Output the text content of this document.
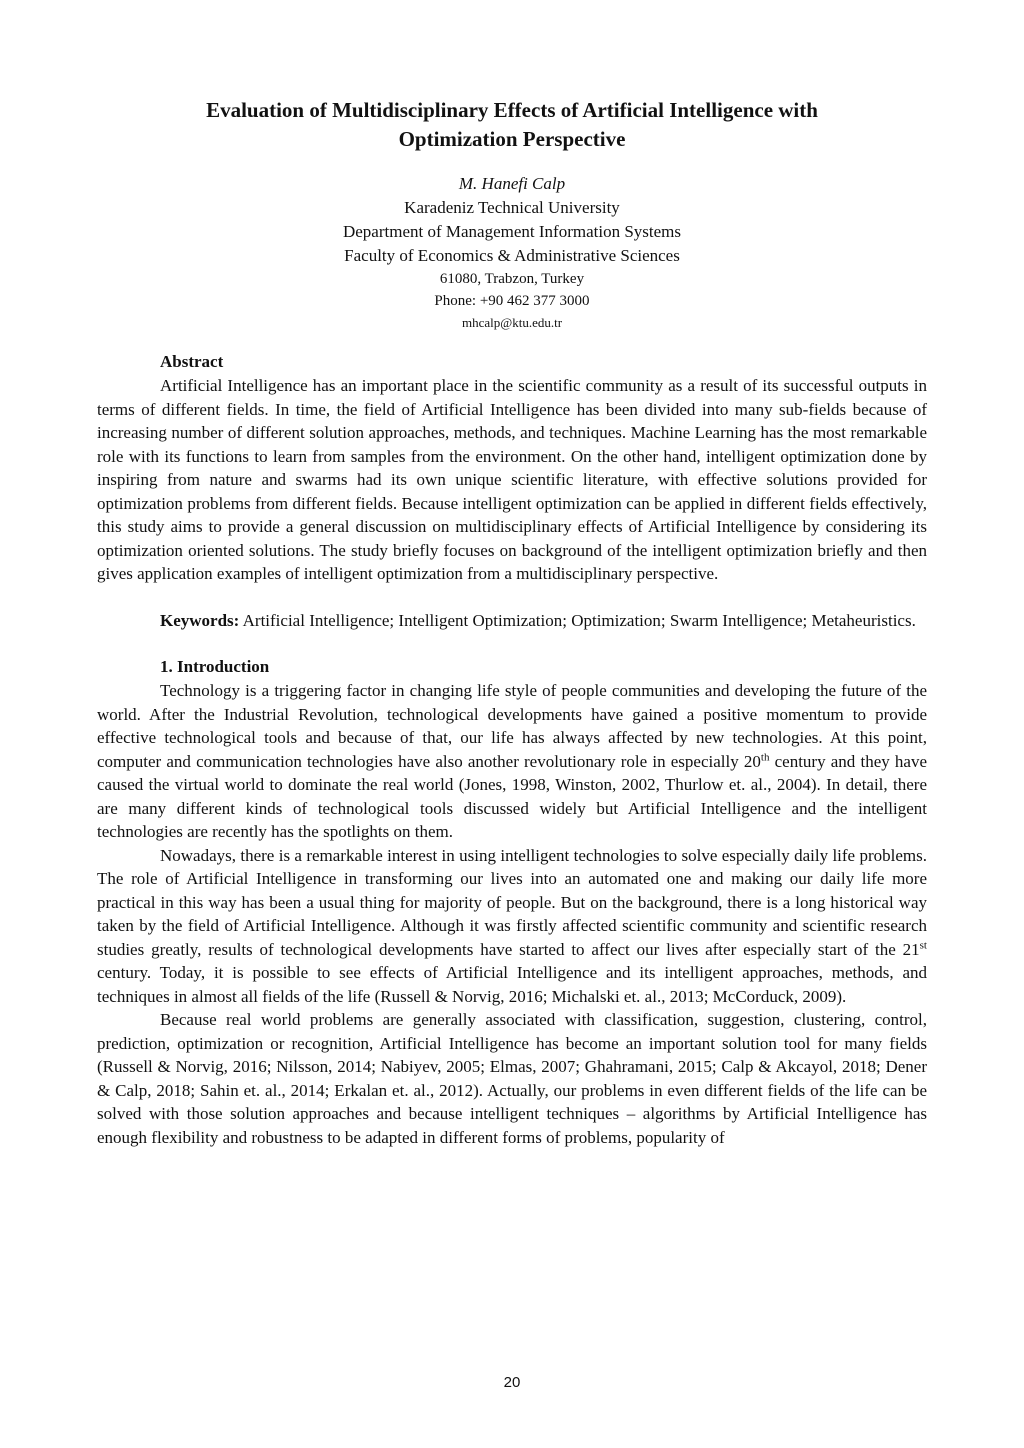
Evaluation of Multidisciplinary Effects of Artificial Intelligence with
Optimization Perspective
M. Hanefi Calp
Karadeniz Technical University
Department of Management Information Systems
Faculty of Economics & Administrative Sciences
61080, Trabzon, Turkey
Phone: +90 462 377 3000
mhcalp@ktu.edu.tr
Abstract

Artificial Intelligence has an important place in the scientific community as a result of its successful outputs in terms of different fields. In time, the field of Artificial Intelligence has been divided into many sub-fields because of increasing number of different solution approaches, methods, and techniques. Machine Learning has the most remarkable role with its functions to learn from samples from the environment. On the other hand, intelligent optimization done by inspiring from nature and swarms had its own unique scientific literature, with effective solutions provided for optimization problems from different fields. Because intelligent optimization can be applied in different fields effectively, this study aims to provide a general discussion on multidisciplinary effects of Artificial Intelligence by considering its optimization oriented solutions. The study briefly focuses on background of the intelligent optimization briefly and then gives application examples of intelligent optimization from a multidisciplinary perspective.

Keywords: Artificial Intelligence; Intelligent Optimization; Optimization; Swarm Intelligence; Metaheuristics.

1. Introduction

Technology is a triggering factor in changing life style of people communities and developing the future of the world. After the Industrial Revolution, technological developments have gained a positive momentum to provide effective technological tools and because of that, our life has always affected by new technologies. At this point, computer and communication technologies have also another revolutionary role in especially 20th century and they have caused the virtual world to dominate the real world (Jones, 1998, Winston, 2002, Thurlow et. al., 2004). In detail, there are many different kinds of technological tools discussed widely but Artificial Intelligence and the intelligent technologies are recently has the spotlights on them.

Nowadays, there is a remarkable interest in using intelligent technologies to solve especially daily life problems. The role of Artificial Intelligence in transforming our lives into an automated one and making our daily life more practical in this way has been a usual thing for majority of people. But on the background, there is a long historical way taken by the field of Artificial Intelligence. Although it was firstly affected scientific community and scientific research studies greatly, results of technological developments have started to affect our lives after especially start of the 21st century. Today, it is possible to see effects of Artificial Intelligence and its intelligent approaches, methods, and techniques in almost all fields of the life (Russell & Norvig, 2016; Michalski et. al., 2013; McCorduck, 2009).

Because real world problems are generally associated with classification, suggestion, clustering, control, prediction, optimization or recognition, Artificial Intelligence has become an important solution tool for many fields (Russell & Norvig, 2016; Nilsson, 2014; Nabiyev, 2005; Elmas, 2007; Ghahramani, 2015; Calp & Akcayol, 2018; Dener & Calp, 2018; Sahin et. al., 2014; Erkalan et. al., 2012). Actually, our problems in even different fields of the life can be solved with those solution approaches and because intelligent techniques – algorithms by Artificial Intelligence has enough flexibility and robustness to be adapted in different forms of problems, popularity of

20
